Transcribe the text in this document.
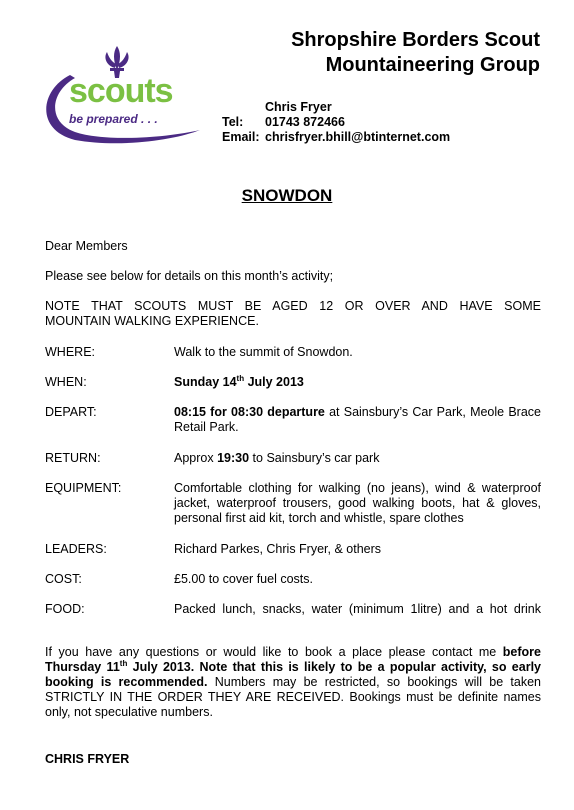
scouts
be prepared . . .
Shropshire Borders Scout
Mountaineering Group
Chris Fryer
Tel: 01743 872466
Email: chrisfryer.bhill@btinternet.com
SNOWDON
Dear Members
Please see below for details on this month’s activity;
NOTE THAT SCOUTS MUST BE AGED 12 OR OVER AND HAVE SOME
MOUNTAIN WALKING EXPERIENCE.
WHERE:	Walk to the summit of Snowdon.
WHEN:	Sunday 14th July 2013
DEPART:	08:15 for 08:30 departure at Sainsbury’s Car Park, Meole Brace Retail Park.
RETURN:	Approx 19:30 to Sainsbury’s car park
EQUIPMENT:	Comfortable clothing for walking (no jeans), wind & waterproof jacket, waterproof trousers, good walking boots, hat & gloves, personal first aid kit, torch and whistle, spare clothes
LEADERS:	Richard Parkes, Chris Fryer, & others
COST:	£5.00 to cover fuel costs.
FOOD:	Packed lunch, snacks, water (minimum 1litre) and a hot drink
If you have any questions or would like to book a place please contact me before Thursday 11th July 2013. Note that this is likely to be a popular activity, so early booking is recommended. Numbers may be restricted, so bookings will be taken STRICTLY IN THE ORDER THEY ARE RECEIVED. Bookings must be definite names only, not speculative numbers.
CHRIS FRYER
